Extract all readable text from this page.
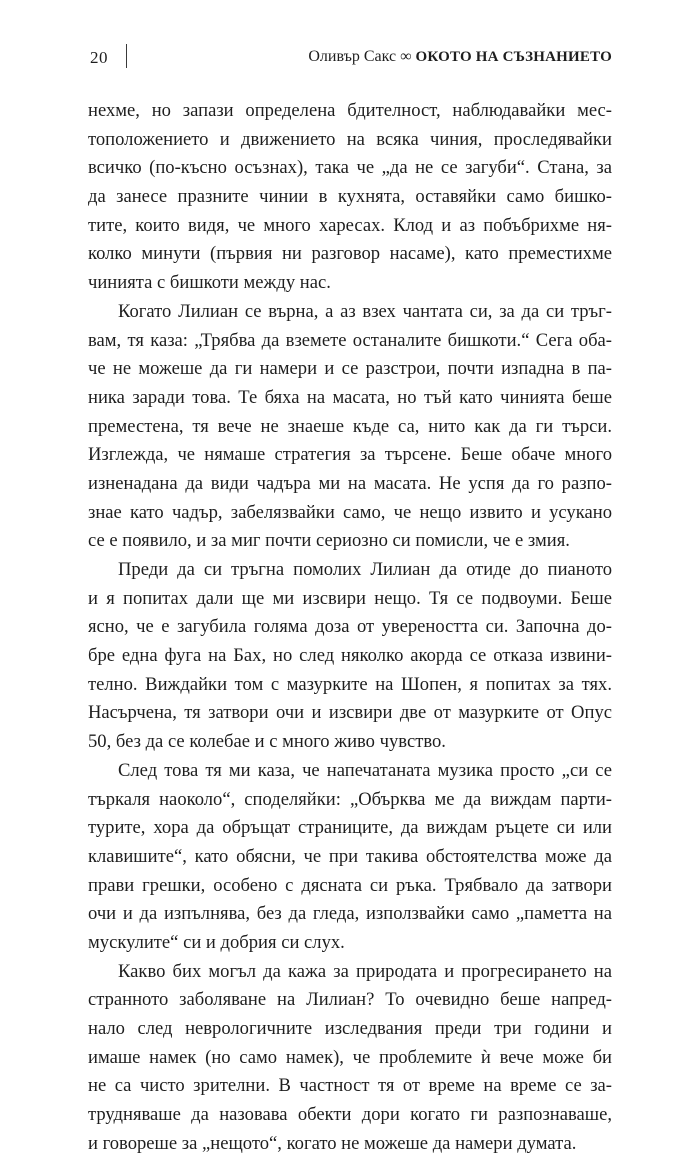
20	Оливър Сакс ∞ ОКОТО НА СЪЗНАНИЕТО
нехме, но запази определена бдителност, наблюдавайки мес-
тоположението и движението на всяка чиния, проследявайки
всичко (по-късно осъзнах), така че „да не се загуби“. Стана, за
да занесе празните чинии в кухнята, оставяйки само бишко-
тите, които видя, че много харесах. Клод и аз побъбрихме ня-
колко минути (първия ни разговор насаме), като преместихме
чинията с бишкоти между нас.
Когато Лилиан се върна, а аз взех чантата си, за да си тръг-
вам, тя каза: „Трябва да вземете останалите бишкоти.“ Сега оба-
че не можеше да ги намери и се разстрои, почти изпадна в па-
ника заради това. Те бяха на масата, но тъй като чинията беше
преместена, тя вече не знаеше къде са, нито как да ги търси.
Изглежда, че нямаше стратегия за търсене. Беше обаче много
изненадана да види чадъра ми на масата. Не успя да го разпо-
знае като чадър, забелязвайки само, че нещо извито и усукано
се е появило, и за миг почти сериозно си помисли, че е змия.
Преди да си тръгна помолих Лилиан да отиде до пианото
и я попитах дали ще ми изсвири нещо. Тя се подвоуми. Беше
ясно, че е загубила голяма доза от увереността си. Започна до-
бре една фуга на Бах, но след няколко акорда се отказа извини-
телно. Виждайки том с мазурките на Шопен, я попитах за тях.
Насърчена, тя затвори очи и изсвири две от мазурките от Опус
50, без да се колебае и с много живо чувство.
След това тя ми каза, че напечатаната музика просто „си се
търкаля наоколо“, споделяйки: „Обърква ме да виждам парти-
турите, хора да обръщат страниците, да виждам ръцете си или
клавишите“, като обясни, че при такива обстоятелства може да
прави грешки, особено с дясната си ръка. Трябвало да затвори
очи и да изпълнява, без да гледа, използвайки само „паметта на
мускулите“ си и добрия си слух.
Какво бих могъл да кажа за природата и прогресирането на
странното заболяване на Лилиан? То очевидно беше напред-
нало след неврологичните изследвания преди три години и
имаше намек (но само намек), че проблемите ѝ вече може би
не са чисто зрителни. В частност тя от време на време се за-
трудняваше да назовава обекти дори когато ги разпознаваше,
и говореше за „нещото“, когато не можеше да намери думата.
